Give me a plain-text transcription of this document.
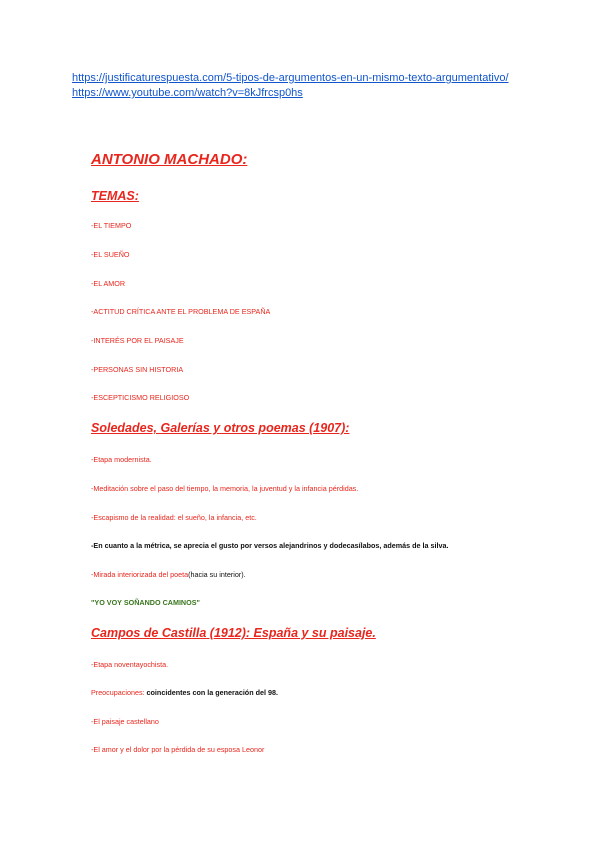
https://justificaturespuesta.com/5-tipos-de-argumentos-en-un-mismo-texto-argumentativo/
https://www.youtube.com/watch?v=8kJfrcsp0hs
ANTONIO MACHADO:
TEMAS:
-EL TIEMPO
-EL SUEÑO
-EL AMOR
-ACTITUD CRÍTICA ANTE EL PROBLEMA DE ESPAÑA
-INTERÉS POR EL PAISAJE
-PERSONAS SIN HISTORIA
-ESCEPTICISMO RELIGIOSO
Soledades, Galerías y otros poemas (1907):
-Etapa modernista.
-Meditación sobre el paso del tiempo, la memoria, la juventud y la infancia pérdidas.
-Escapismo de la realidad: el sueño, la infancia, etc.
-En cuanto a la métrica, se aprecia el gusto por versos alejandrinos y dodecasílabos, además de la silva.
-Mirada interiorizada del poeta(hacia su interior).
"YO VOY SOÑANDO CAMINOS"
Campos de Castilla (1912): España y su paisaje.
-Etapa noventayochista.
Preocupaciones: coincidentes con la generación del 98.
-El paisaje castellano
-El amor y el dolor por la pérdida de su esposa Leonor
